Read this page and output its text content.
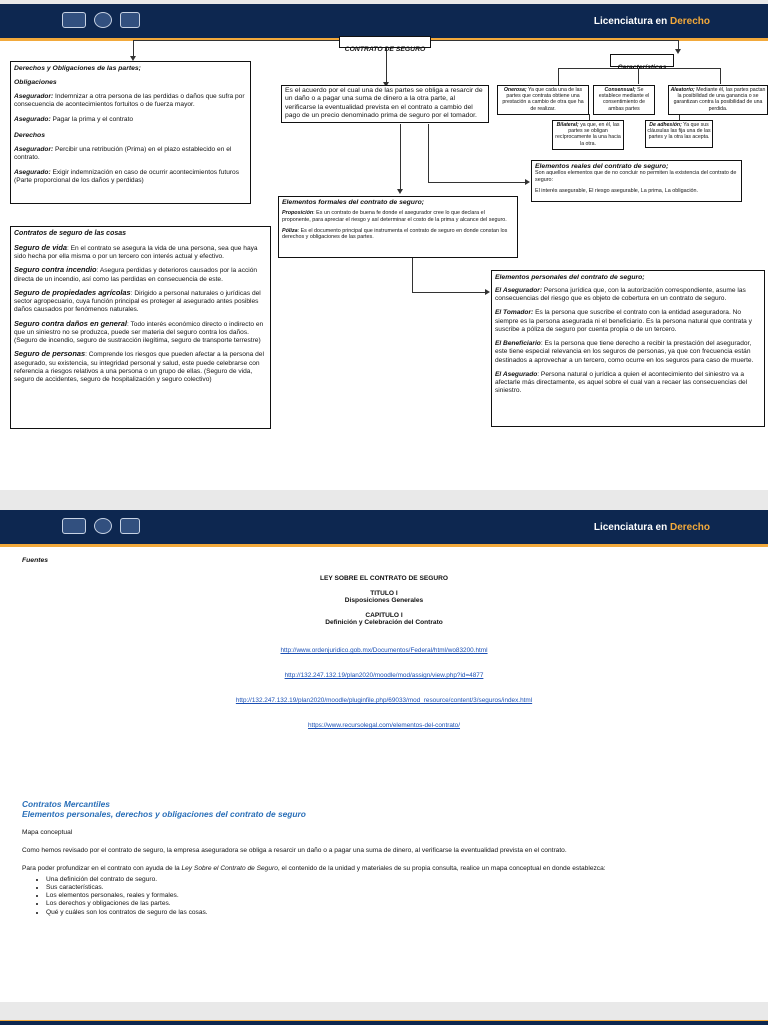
Licenciatura en Derecho
CONTRATO DE SEGURO

Es el acuerdo por el cual una de las partes se obliga a resarcir de un daño o a pagar una suma de dinero a la otra parte, al verificarse la eventualidad prevista en el contrato a cambio del pago de un precio denominado prima de seguro por el tomador.

Derechos y Obligaciones de las partes;

Obligaciones

Asegurador: Indemnizar a otra persona de las perdidas o daños que sufra por consecuencia de acontecimientos fortuitos o de fuerza mayor.

Asegurado: Pagar la prima y el contrato

Derechos

Asegurador: Percibir una retribución (Prima) en el plazo establecido en el contrato.

Asegurado: Exigir indemnización en caso de ocurrir acontecimientos futuros (Parte proporcional de los daños y perdidas)

Características
Onerosa; Ya que cada una de las partes que contrata obtiene una prestación a cambio de otra que ha de realizar.
Consensual; Se establece mediante el consentimiento de ambas partes
Aleatorio; Mediante él, las partes pactan la posibilidad de una ganancia o se garantizan contra la posibilidad de una perdida.
Bilateral; ya que, en él, las partes se obligan recíprocamente la una hacia la otra.
De adhesión; Ya que sus cláusulas las fija una de las partes y la otra las acepta.

Elementos reales del contrato de seguro;

Son aquellos elementos que de no concluir no permiten la existencia del contrato de seguro:

El interés asegurable, El riesgo asegurable, La prima, La obligación.

Elementos formales del contrato de seguro;

Proposición: Es un contrato de buena fe donde el asegurador cree lo que declara el proponente, para apreciar el riesgo y así determinar el costo de la prima y alcance del seguro.

Póliza: Es el documento principal que instrumenta el contrato de seguro en donde constan los derechos y obligaciones de las partes.

Contratos de seguro de las cosas

Seguro de vida: En el contrato se asegura la vida de una persona, sea que haya sido hecha por ella misma o por un tercero con interés actual y efectivo.

Seguro contra incendio: Asegura perdidas y deterioros causados por la acción directa de un incendio, así como las perdidas en consecuencia de este.

Seguro de propiedades agrícolas: Dirigido a personal naturales o jurídicas del sector agropecuario, cuya función principal es proteger al asegurado antes posibles daños causados por fenómenos naturales.

Seguro contra daños en general: Todo interés económico directo o indirecto en que un siniestro no se produzca, puede ser materia del seguro contra los daños. (Seguro de incendio, seguro de sustracción ilegítima, seguro de transporte terrestre)

Seguro de personas: Comprende los riesgos que pueden afectar a la persona del asegurado, su existencia, su integridad personal y salud, este puede celebrarse con referencia a riesgos relativos a una persona o un grupo de ellas. (Seguro de vida, seguro de accidentes, seguro de hospitalización y seguro colectivo)

Elementos personales del contrato de seguro;

El Asegurador: Persona jurídica que, con la autorización correspondiente, asume las consecuencias del riesgo que es objeto de cobertura en un contrato de seguro.

El Tomador: Es la persona que suscribe el contrato con la entidad aseguradora. No siempre es la persona asegurada ni el beneficiario. Es la persona natural que contrata y suscribe a póliza de seguro por cuenta propia o de un tercero.

El Beneficiario: Es la persona que tiene derecho a recibir la prestación del asegurador, este tiene especial relevancia en los seguros de personas, ya que con frecuencia están destinados a aprovechar a un tercero, como ocurre en los seguros para caso de muerte.

El Asegurado: Persona natural o jurídica a quien el acontecimiento del siniestro va a afectarle más directamente, es aquel sobre el cual van a recaer las consecuencias del siniestro.

Licenciatura en Derecho
Fuentes

LEY SOBRE EL CONTRATO DE SEGURO

TITULO I

Disposiciones Generales

CAPITULO I

Definición y Celebración del Contrato

http://www.ordenjuridico.gob.mx/Documentos/Federal/html/wo83200.html

http://132.247.132.19/plan2020/moodle/mod/assign/view.php?id=4877

http://132.247.132.19/plan2020/moodle/pluginfile.php/69033/mod_resource/content/3/seguros/index.html

https://www.recursolegal.com/elementos-del-contrato/

Contratos Mercantiles

Elementos personales, derechos y obligaciones del contrato de seguro

Mapa conceptual

Como hemos revisado por el contrato de seguro, la empresa aseguradora se obliga a resarcir un daño o a pagar una suma de dinero, al verificarse la eventualidad prevista en el contrato.

Para poder profundizar en el contrato con ayuda de la Ley Sobre el Contrato de Seguro, el contenido de la unidad y materiales de su propia consulta, realice un mapa conceptual en donde establezca:

• Una definición del contrato de seguro.
• Sus características.
• Los elementos personales, reales y formales.
• Los derechos y obligaciones de las partes.
• Qué y cuáles son los contratos de seguro de las cosas.
